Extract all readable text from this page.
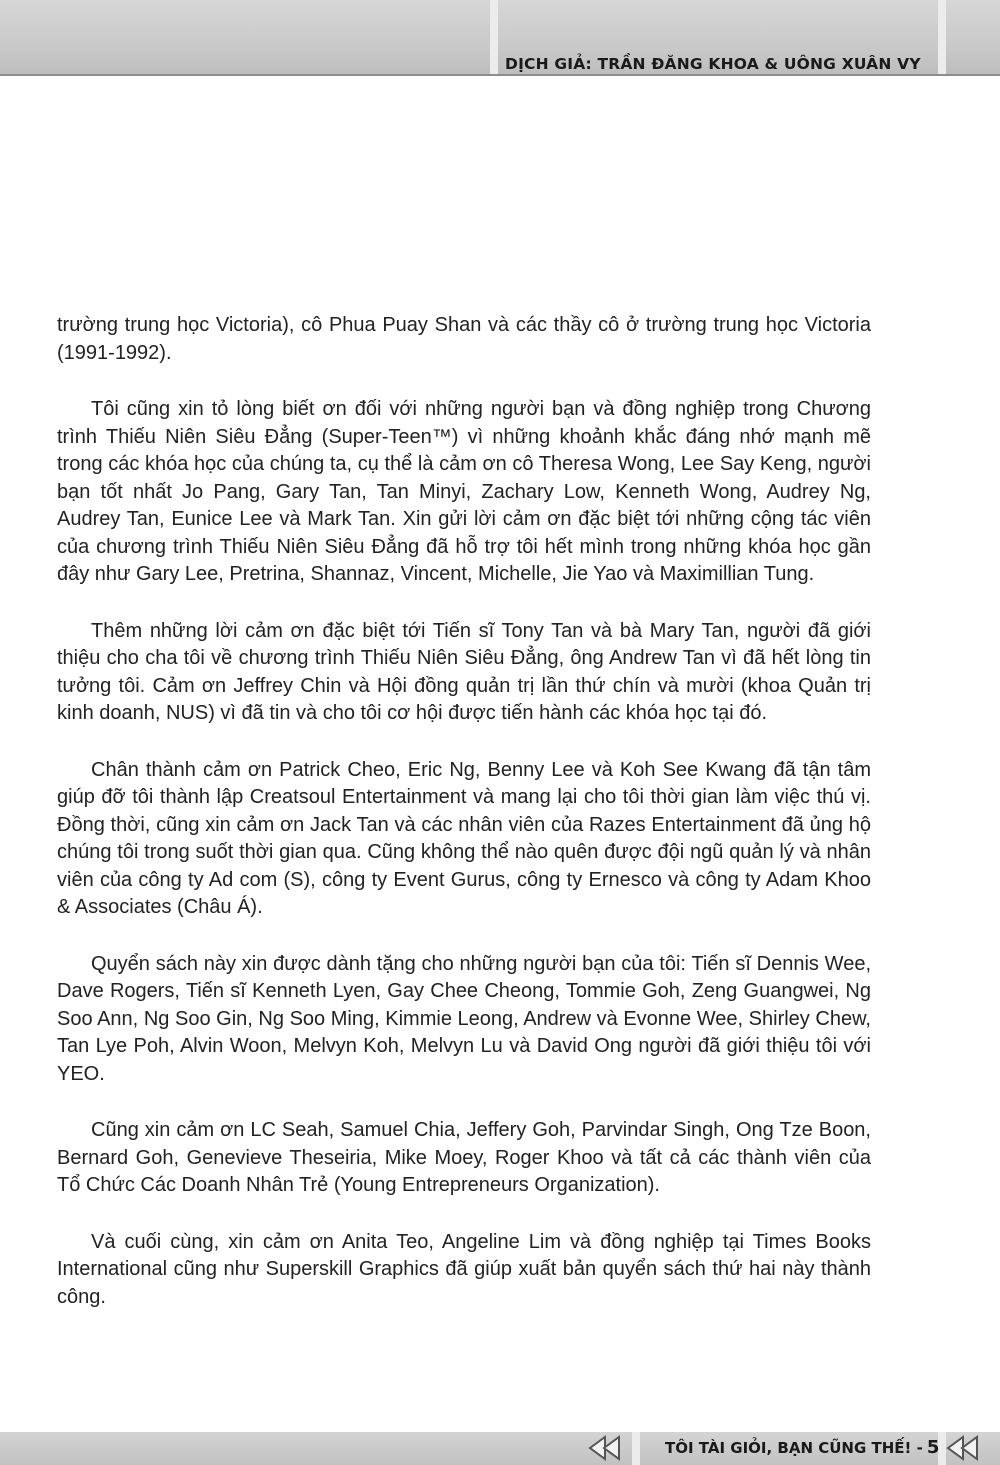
DỊCH GIẢ: TRẦN ĐĂNG KHOA & UÔNG XUÂN VY

trường trung học Victoria), cô Phua Puay Shan và các thầy cô ở trường trung học Victoria (1991-1992).

Tôi cũng xin tỏ lòng biết ơn đối với những người bạn và đồng nghiệp trong Chương trình Thiếu Niên Siêu Đẳng (Super-Teen™) vì những khoảnh khắc đáng nhớ mạnh mẽ trong các khóa học của chúng ta, cụ thể là cảm ơn cô Theresa Wong, Lee Say Keng, người bạn tốt nhất Jo Pang, Gary Tan, Tan Minyi, Zachary Low, Kenneth Wong, Audrey Ng, Audrey Tan, Eunice Lee và Mark Tan. Xin gửi lời cảm ơn đặc biệt tới những cộng tác viên của chương trình Thiếu Niên Siêu Đẳng đã hỗ trợ tôi hết mình trong những khóa học gần đây như Gary Lee, Pretrina, Shannaz, Vincent, Michelle, Jie Yao và Maximillian Tung.

Thêm những lời cảm ơn đặc biệt tới Tiến sĩ Tony Tan và bà Mary Tan, người đã giới thiệu cho cha tôi về chương trình Thiếu Niên Siêu Đẳng, ông Andrew Tan vì đã hết lòng tin tưởng tôi. Cảm ơn Jeffrey Chin và Hội đồng quản trị lần thứ chín và mười (khoa Quản trị kinh doanh, NUS) vì đã tin và cho tôi cơ hội được tiến hành các khóa học tại đó.

Chân thành cảm ơn Patrick Cheo, Eric Ng, Benny Lee và Koh See Kwang đã tận tâm giúp đỡ tôi thành lập Creatsoul Entertainment và mang lại cho tôi thời gian làm việc thú vị. Đồng thời, cũng xin cảm ơn Jack Tan và các nhân viên của Razes Entertainment đã ủng hộ chúng tôi trong suốt thời gian qua. Cũng không thể nào quên được đội ngũ quản lý và nhân viên của công ty Ad com (S), công ty Event Gurus, công ty Ernesco và công ty Adam Khoo & Associates (Châu Á).

Quyển sách này xin được dành tặng cho những người bạn của tôi: Tiến sĩ Dennis Wee, Dave Rogers, Tiến sĩ Kenneth Lyen, Gay Chee Cheong, Tommie Goh, Zeng Guangwei, Ng Soo Ann, Ng Soo Gin, Ng Soo Ming, Kimmie Leong, Andrew và Evonne Wee, Shirley Chew, Tan Lye Poh, Alvin Woon, Melvyn Koh, Melvyn Lu và David Ong người đã giới thiệu tôi với YEO.

Cũng xin cảm ơn LC Seah, Samuel Chia, Jeffery Goh, Parvindar Singh, Ong Tze Boon, Bernard Goh, Genevieve Theseiria, Mike Moey, Roger Khoo và tất cả các thành viên của Tổ Chức Các Doanh Nhân Trẻ (Young Entrepreneurs Organization).

Và cuối cùng, xin cảm ơn Anita Teo, Angeline Lim và đồng nghiệp tại Times Books International cũng như Superskill Graphics đã giúp xuất bản quyển sách thứ hai này thành công.

TÔI TÀI GIỎI, BẠN CŨNG THẾ! - 5
